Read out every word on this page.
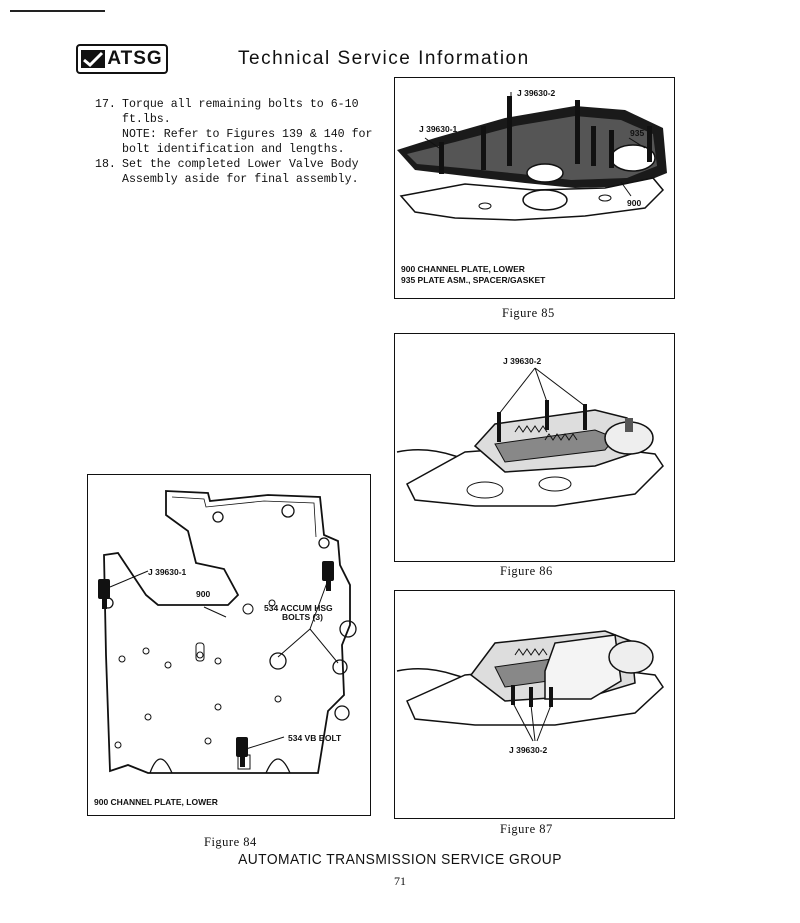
ATSG	Technical Service Information
17. Torque all remaining bolts to 6-10
ft.lbs.
NOTE: Refer to Figures 139 & 140 for
bolt identification and lengths.
18. Set the completed Lower Valve Body
Assembly aside for final assembly.
J 39630-2
J 39630-1	935
900
900 CHANNEL PLATE, LOWER
935 PLATE ASM., SPACER/GASKET
Figure 85
J 39630-2
Figure 86
J 39630-2
Figure 87
J 39630-1
900
534 ACCUM HSG
BOLTS (3)
534 VB BOLT
900 CHANNEL PLATE, LOWER
Figure 84
AUTOMATIC TRANSMISSION SERVICE GROUP
71
